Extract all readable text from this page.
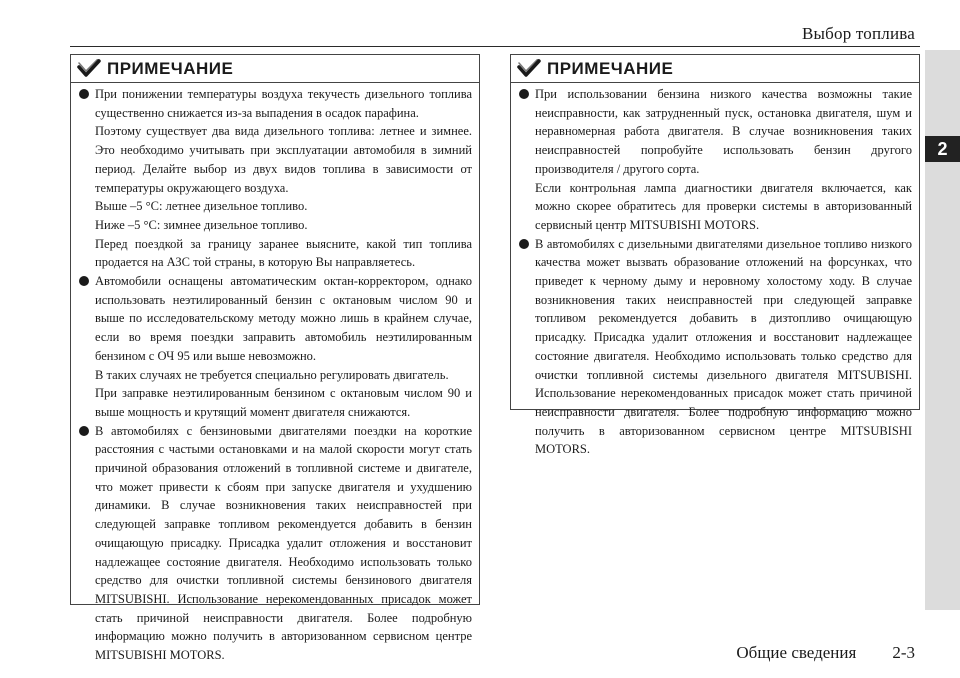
Выбор топлива
2
ПРИМЕЧАНИЕ

При понижении температуры воздуха текучесть дизельного топлива существенно снижается из-за выпадения в осадок парафина.

Поэтому существует два вида дизельного топлива: летнее и зимнее. Это необходимо учитывать при эксплуатации автомобиля в зимний период. Делайте выбор из двух видов топлива в зависимости от температуры окружающего воздуха.

Выше –5 °C: летнее дизельное топливо.

Ниже –5 °C: зимнее дизельное топливо.

Перед поездкой за границу заранее выясните, какой тип топлива продается на АЗС той страны, в которую Вы направляетесь.

Автомобили оснащены автоматическим октан-корректором, однако использовать неэтилированный бензин с октановым числом 90 и выше по исследовательскому методу можно лишь в крайнем случае, если во время поездки заправить автомобиль неэтилированным бензином с ОЧ 95 или выше невозможно.

В таких случаях не требуется специально регулировать двигатель.

При заправке неэтилированным бензином с октановым числом 90 и выше мощность и крутящий момент двигателя снижаются.

В автомобилях с бензиновыми двигателями поездки на короткие расстояния с частыми остановками и на малой скорости могут стать причиной образования отложений в топливной системе и двигателе, что может привести к сбоям при запуске двигателя и ухудшению динамики. В случае возникновения таких неисправностей при следующей заправке топливом рекомендуется добавить в бензин очищающую присадку. Присадка удалит отложения и восстановит надлежащее состояние двигателя. Необходимо использовать только средство для очистки топливной системы бензинового двигателя MITSUBISHI. Использование нерекомендованных присадок может стать причиной неисправности двигателя. Более подробную информацию можно получить в авторизованном сервисном центре MITSUBISHI MOTORS.

ПРИМЕЧАНИЕ

При использовании бензина низкого качества возможны такие неисправности, как затрудненный пуск, остановка двигателя, шум и неравномерная работа двигателя. В случае возникновения таких неисправностей попробуйте использовать бензин другого производителя / другого сорта.

Если контрольная лампа диагностики двигателя включается, как можно скорее обратитесь для проверки системы в авторизованный сервисный центр MITSUBISHI MOTORS.

В автомобилях с дизельными двигателями дизельное топливо низкого качества может вызвать образование отложений на форсунках, что приведет к черному дыму и неровному холостому ходу. В случае возникновения таких неисправностей при следующей заправке топливом рекомендуется добавить в дизтопливо очищающую присадку. Присадка удалит отложения и восстановит надлежащее состояние двигателя. Необходимо использовать только средство для очистки топливной системы дизельного двигателя MITSUBISHI. Использование нерекомендованных присадок может стать причиной неисправности двигателя. Более подробную информацию можно получить в авторизованном сервисном центре MITSUBISHI MOTORS.

Общие сведения 2-3
